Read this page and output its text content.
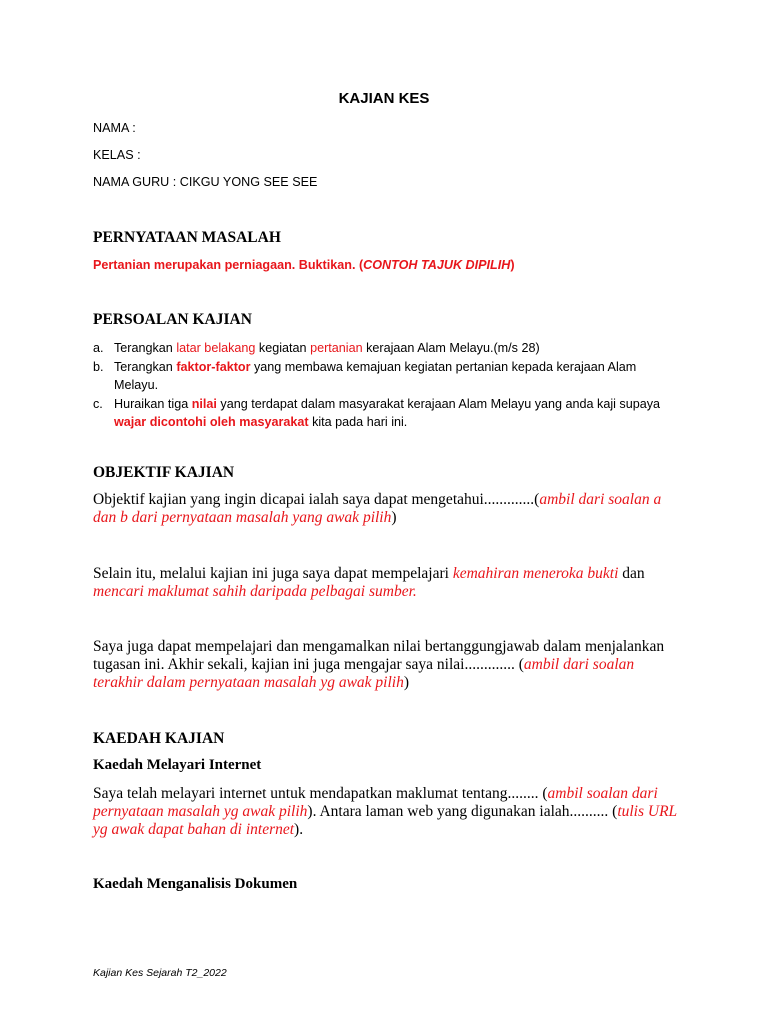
KAJIAN KES
NAMA :
KELAS :
NAMA GURU : CIKGU YONG SEE SEE
PERNYATAAN MASALAH
Pertanian merupakan perniagaan. Buktikan. (CONTOH TAJUK DIPILIH)
PERSOALAN KAJIAN
a. Terangkan latar belakang kegiatan pertanian kerajaan Alam Melayu.(m/s 28)
b. Terangkan faktor-faktor yang membawa kemajuan kegiatan pertanian kepada kerajaan Alam Melayu.
c. Huraikan tiga nilai yang terdapat dalam masyarakat kerajaan Alam Melayu yang anda kaji supaya wajar dicontohi oleh masyarakat kita pada hari ini.
OBJEKTIF KAJIAN
Objektif kajian yang ingin dicapai ialah saya dapat mengetahui.............(ambil dari soalan a dan b dari pernyataan masalah yang awak pilih)
Selain itu, melalui kajian ini juga saya dapat mempelajari kemahiran meneroka bukti dan mencari maklumat sahih daripada pelbagai sumber.
Saya juga dapat mempelajari dan mengamalkan nilai bertanggungjawab dalam menjalankan tugasan ini. Akhir sekali, kajian ini juga mengajar saya nilai............. (ambil dari soalan terakhir dalam pernyataan masalah yg awak pilih)
KAEDAH KAJIAN
Kaedah Melayari Internet
Saya telah melayari internet untuk mendapatkan maklumat tentang........ (ambil soalan dari pernyataan masalah yg awak pilih). Antara laman web yang digunakan ialah.......... (tulis URL yg awak dapat bahan di internet).
Kaedah Menganalisis Dokumen
Kajian Kes Sejarah T2_2022
